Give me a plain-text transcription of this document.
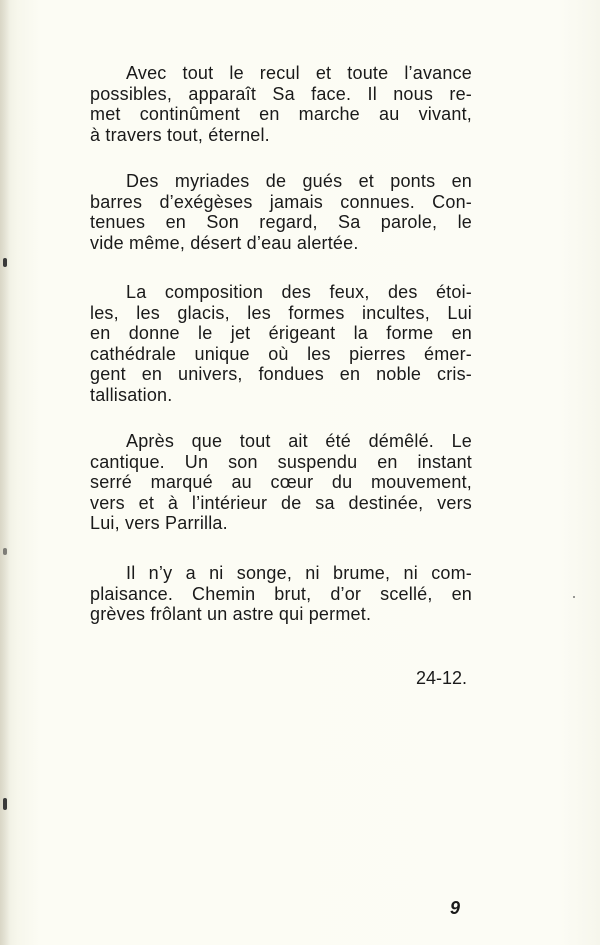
Avec tout le recul et toute l’avance
possibles, apparaît Sa face. Il nous re-
met continûment en marche au vivant,
à travers tout, éternel.
Des myriades de gués et ponts en
barres d’exégèses jamais connues. Con-
tenues en Son regard, Sa parole, le
vide même, désert d’eau alertée.
La composition des feux, des étoi-
les, les glacis, les formes incultes, Lui
en donne le jet érigeant la forme en
cathédrale unique où les pierres émer-
gent en univers, fondues en noble cris-
tallisation.
Après que tout ait été démêlé. Le
cantique. Un son suspendu en instant
serré marqué au cœur du mouvement,
vers et à l’intérieur de sa destinée, vers
Lui, vers Parrilla.
Il n’y a ni songe, ni brume, ni com-
plaisance. Chemin brut, d’or scellé, en
grèves frôlant un astre qui permet.
24-12.
9
